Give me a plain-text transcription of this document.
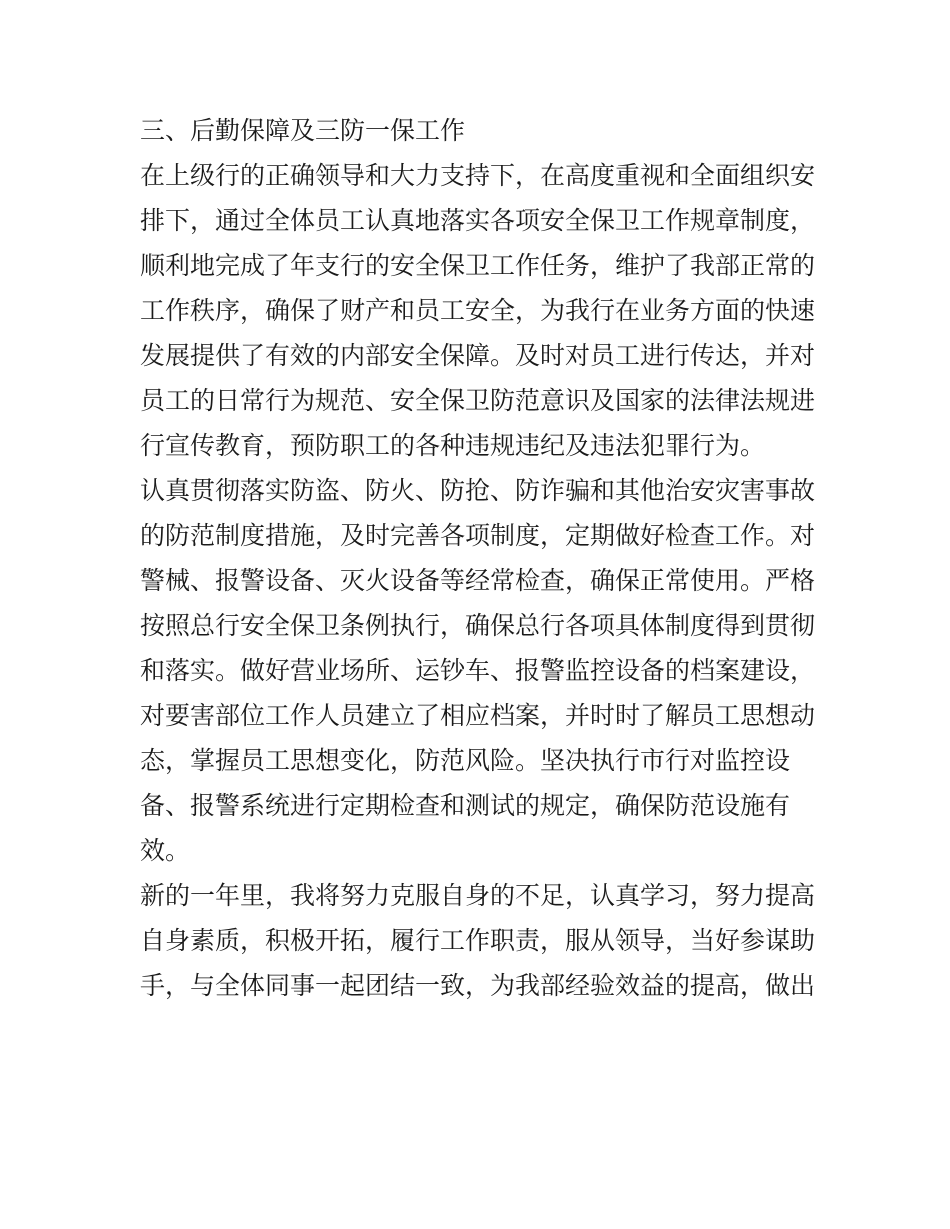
三、后勤保障及三防一保工作
在上级行的正确领导和大力支持下，在高度重视和全面组织安
排下，通过全体员工认真地落实各项安全保卫工作规章制度，
顺利地完成了年支行的安全保卫工作任务，维护了我部正常的
工作秩序，确保了财产和员工安全，为我行在业务方面的快速
发展提供了有效的内部安全保障。及时对员工进行传达，并对
员工的日常行为规范、安全保卫防范意识及国家的法律法规进
行宣传教育，预防职工的各种违规违纪及违法犯罪行为。
认真贯彻落实防盗、防火、防抢、防诈骗和其他治安灾害事故
的防范制度措施，及时完善各项制度，定期做好检查工作。对
警械、报警设备、灭火设备等经常检查，确保正常使用。严格
按照总行安全保卫条例执行，确保总行各项具体制度得到贯彻
和落实。做好营业场所、运钞车、报警监控设备的档案建设，
对要害部位工作人员建立了相应档案，并时时了解员工思想动
态，掌握员工思想变化，防范风险。坚决执行市行对监控设
备、报警系统进行定期检查和测试的规定，确保防范设施有
效。
新的一年里，我将努力克服自身的不足，认真学习，努力提高
自身素质，积极开拓，履行工作职责，服从领导，当好参谋助
手，与全体同事一起团结一致，为我部经验效益的提高，做出
